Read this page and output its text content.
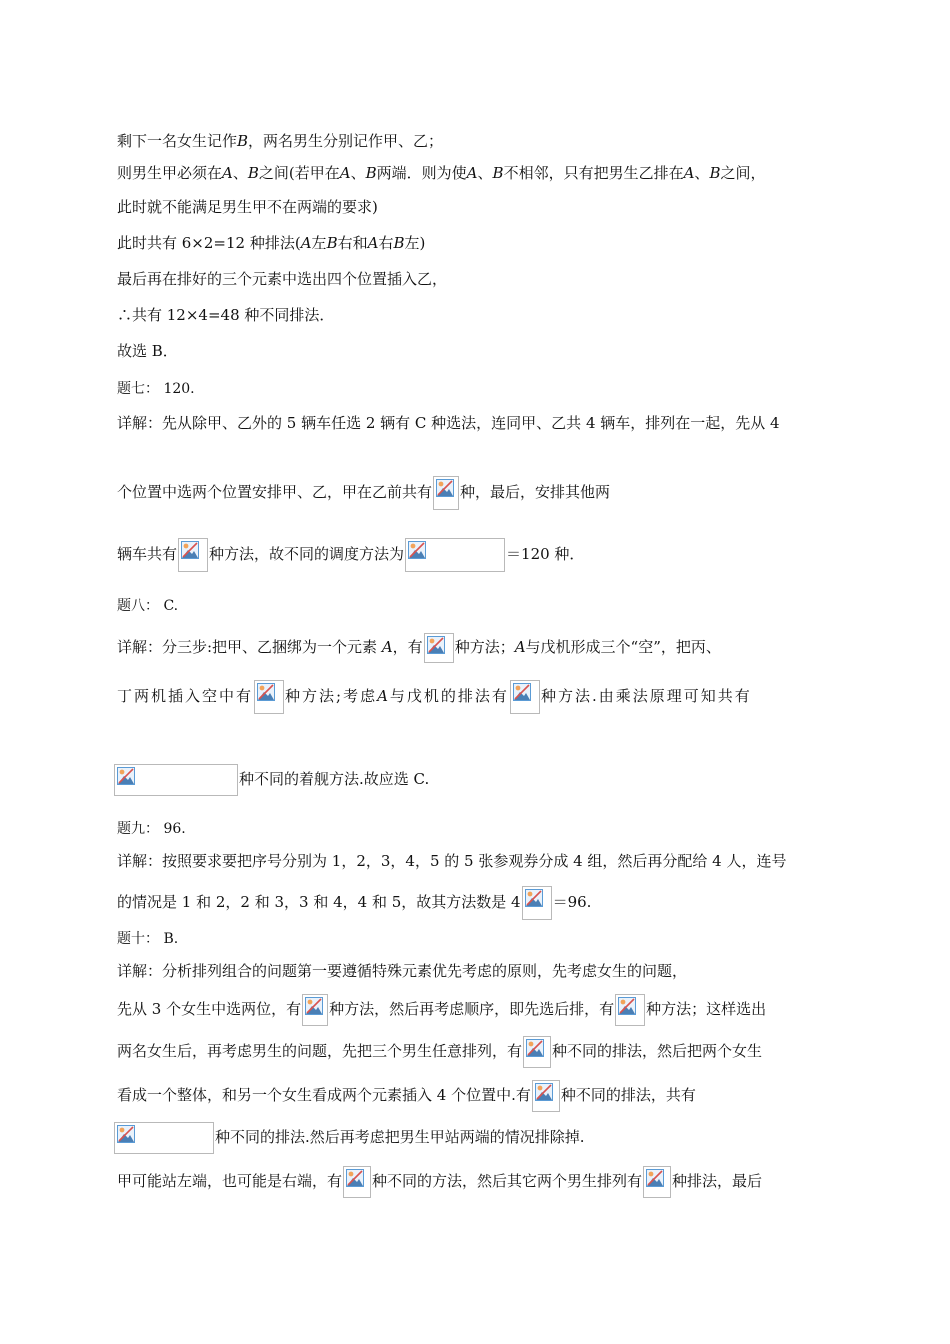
剩下一名女生记作B，两名男生分别记作甲、乙；
则男生甲必须在A、B之间(若甲在A、B两端．则为使A、B不相邻，只有把男生乙排在A、B之间，
此时就不能满足男生甲不在两端的要求)
此时共有 6×2=12 种排法(A左B右和A右B左)
最后再在排好的三个元素中选出四个位置插入乙，
∴共有 12×4=48 种不同排法．
故选 B．
题七： 120.
详解：先从除甲、乙外的 5 辆车任选 2 辆有 C 种选法，连同甲、乙共 4 辆车，排列在一起，先从 4
个位置中选两个位置安排甲、乙，甲在乙前共有 种，最后，安排其他两
辆车共有 种方法，故不同的调度方法为	＝120 种．
题八： C.
详解：分三步:把甲、乙捆绑为一个元素 A，有 种方法；A与戊机形成三个“空”，把丙、
丁两机插入空中有 种方法;考虑A与戊机的排法有 种方法.由乘法原理可知共有
种不同的着舰方法.故应选 C.
题九： 96.
详解：按照要求要把序号分别为 1，2，3，4，5 的 5 张参观券分成 4 组，然后再分配给 4 人，连号
的情况是 1 和 2，2 和 3，3 和 4，4 和 5，故其方法数是 4 ＝96.
题十： B.
详解：分析排列组合的问题第一要遵循特殊元素优先考虑的原则，先考虑女生的问题，
先从 3 个女生中选两位，有 种方法，然后再考虑顺序，即先选后排，有 种方法；这样选出
两名女生后，再考虑男生的问题，先把三个男生任意排列，有 种不同的排法，然后把两个女生
看成一个整体，和另一个女生看成两个元素插入 4 个位置中.有 种不同的排法，共有
种不同的排法.然后再考虑把男生甲站两端的情况排除掉.
甲可能站左端，也可能是右端，有 种不同的方法，然后其它两个男生排列有 种排法，最后
